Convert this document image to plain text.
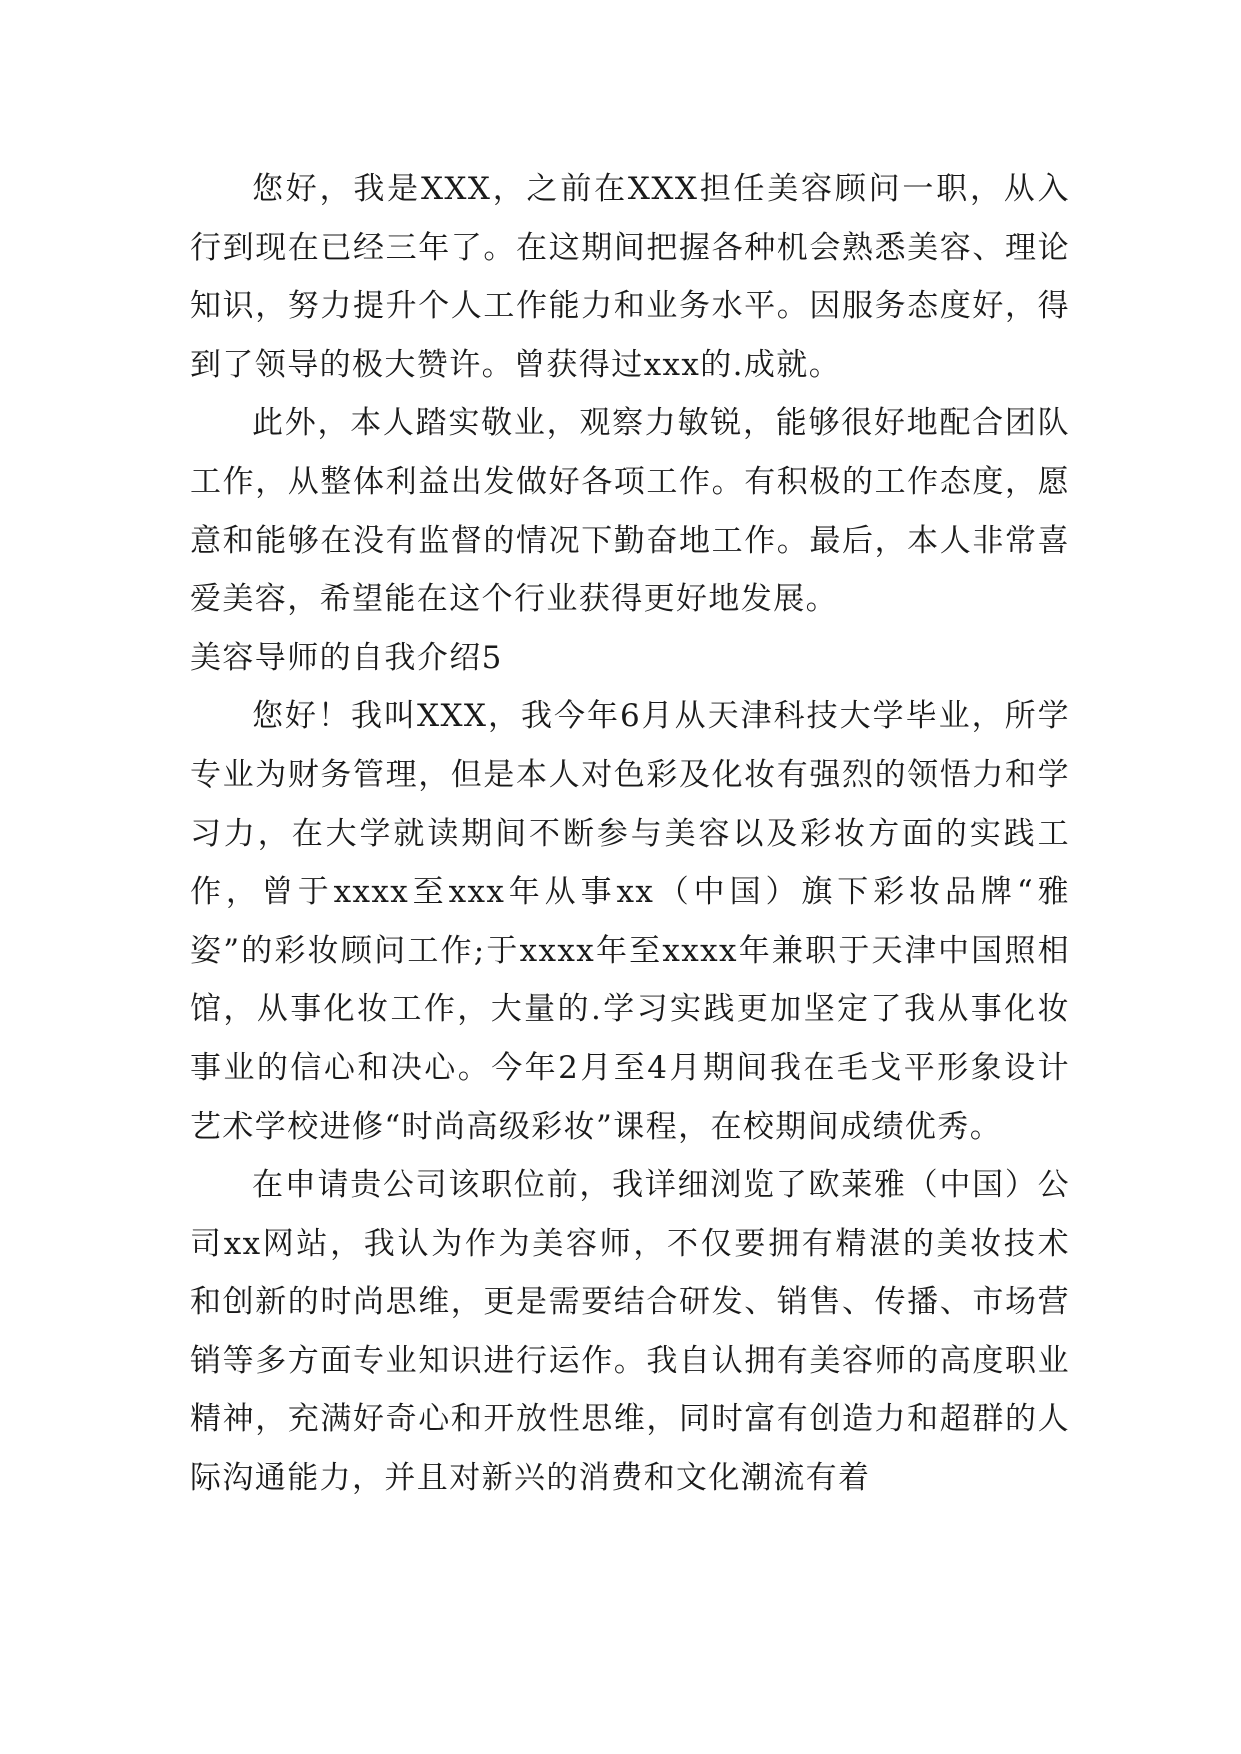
您好，我是XXX，之前在XXX担任美容顾问一职，从入行到现在已经三年了。在这期间把握各种机会熟悉美容、理论知识，努力提升个人工作能力和业务水平。因服务态度好，得到了领导的极大赞许。曾获得过xxx的.成就。

此外，本人踏实敬业，观察力敏锐，能够很好地配合团队工作，从整体利益出发做好各项工作。有积极的工作态度，愿意和能够在没有监督的情况下勤奋地工作。最后，本人非常喜爱美容，希望能在这个行业获得更好地发展。

美容导师的自我介绍5

您好！我叫XXX，我今年6月从天津科技大学毕业，所学专业为财务管理，但是本人对色彩及化妆有强烈的领悟力和学习力，在大学就读期间不断参与美容以及彩妆方面的实践工作，曾于xxxx至xxx年从事xx（中国）旗下彩妆品牌“雅姿”的彩妆顾问工作;于xxxx年至xxxx年兼职于天津中国照相馆，从事化妆工作，大量的.学习实践更加坚定了我从事化妆事业的信心和决心。今年2月至4月期间我在毛戈平形象设计艺术学校进修“时尚高级彩妆”课程，在校期间成绩优秀。

在申请贵公司该职位前，我详细浏览了欧莱雅（中国）公司xx网站，我认为作为美容师，不仅要拥有精湛的美妆技术和创新的时尚思维，更是需要结合研发、销售、传播、市场营销等多方面专业知识进行运作。我自认拥有美容师的高度职业精神，充满好奇心和开放性思维，同时富有创造力和超群的人际沟通能力，并且对新兴的消费和文化潮流有着
